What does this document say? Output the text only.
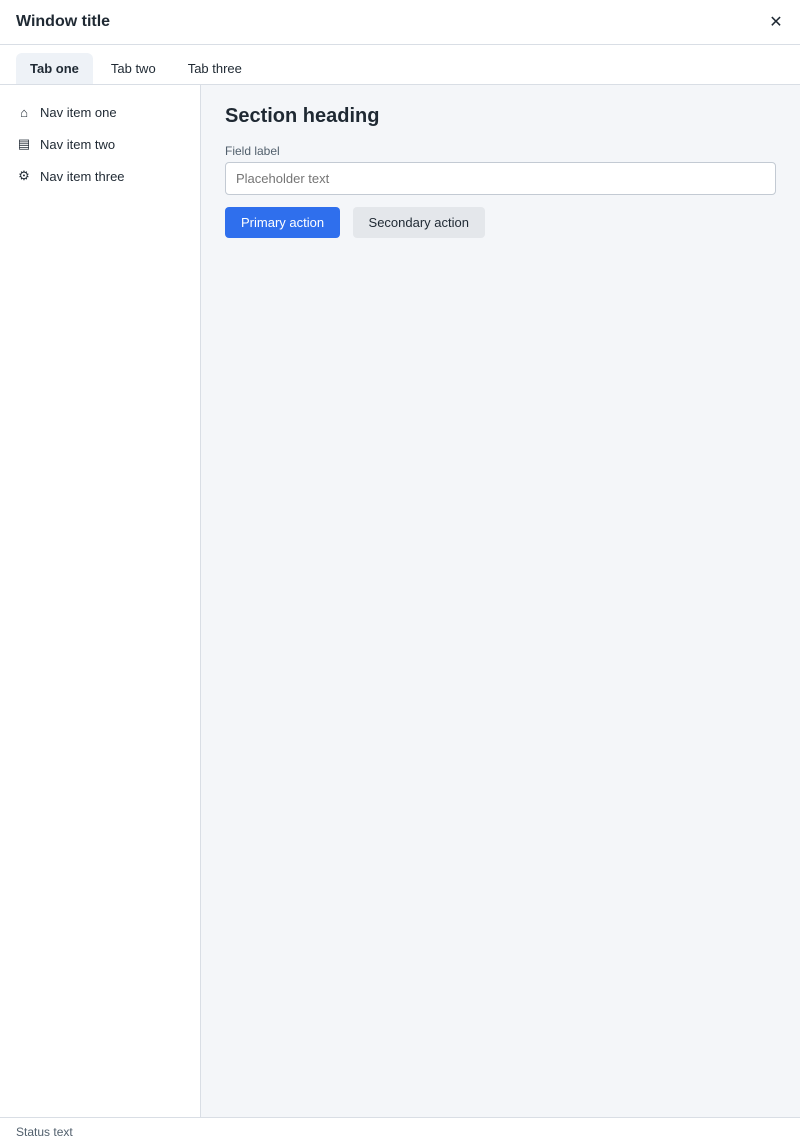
Window title	✕
Tab one	Tab two	Tab three
⌂ Nav item one
▤ Nav item two
⚙ Nav item three
Section heading
Field label
Placeholder text
Primary action	Secondary action
Status text
